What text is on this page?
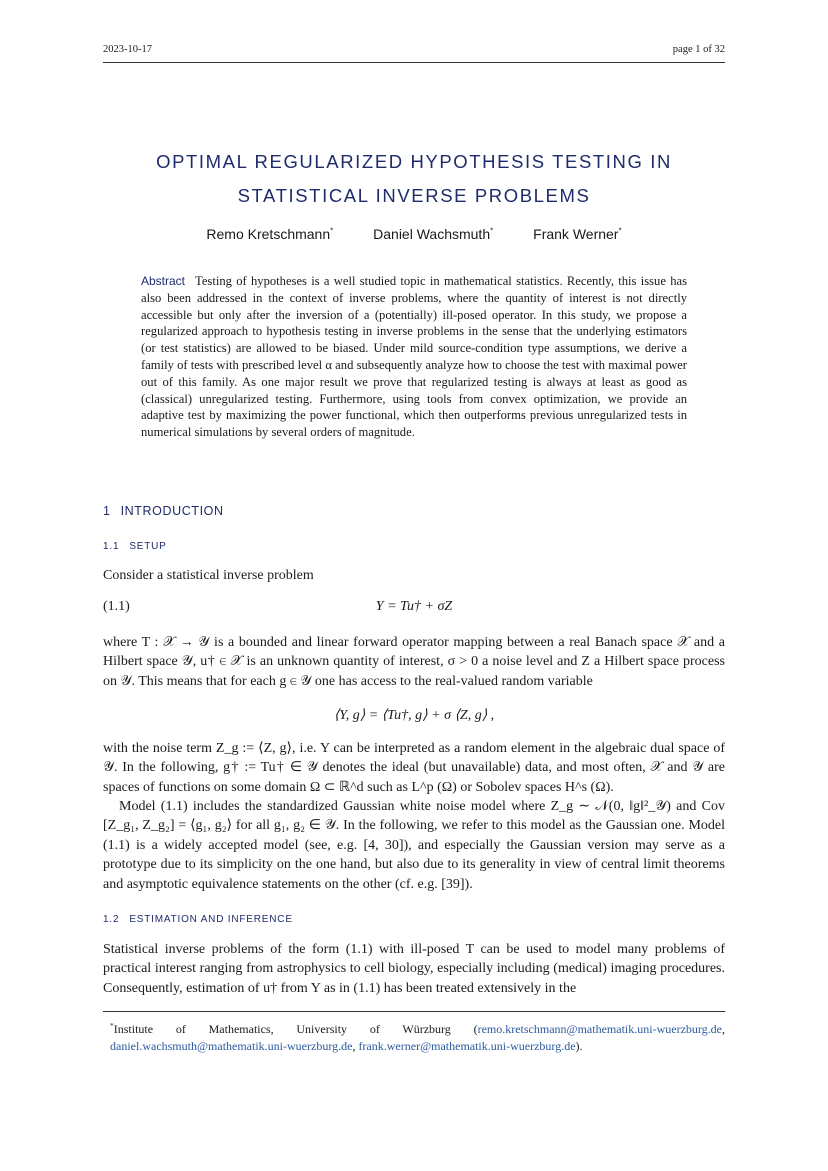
2023-10-17	page 1 of 32
OPTIMAL REGULARIZED HYPOTHESIS TESTING IN
STATISTICAL INVERSE PROBLEMS
Remo Kretschmann*	Daniel Wachsmuth*	Frank Werner*
Abstract Testing of hypotheses is a well studied topic in mathematical statistics. Recently, this issue has also been addressed in the context of inverse problems, where the quantity of interest is not directly accessible but only after the inversion of a (potentially) ill-posed operator. In this study, we propose a regularized approach to hypothesis testing in inverse problems in the sense that the underlying estimators (or test statistics) are allowed to be biased. Under mild source-condition type assumptions, we derive a family of tests with prescribed level α and subsequently analyze how to choose the test with maximal power out of this family. As one major result we prove that regularized testing is always at least as good as (classical) unregularized testing. Furthermore, using tools from convex optimization, we provide an adaptive test by maximizing the power functional, which then outperforms previous unregularized tests in numerical simulations by several orders of magnitude.
1 INTRODUCTION
1.1 SETUP
Consider a statistical inverse problem
(1.1)	Y = Tu† + σZ
where T : 𝒳 → 𝒴 is a bounded and linear forward operator mapping between a real Banach space 𝒳 and a Hilbert space 𝒴, u† ∈ 𝒳 is an unknown quantity of interest, σ > 0 a noise level and Z a Hilbert space process on 𝒴. This means that for each g ∈ 𝒴 one has access to the real-valued random variable
⟨Y, g⟩ = ⟨Tu†, g⟩ + σ ⟨Z, g⟩ ,
with the noise term Z_g := ⟨Z, g⟩, i.e. Y can be interpreted as a random element in the algebraic dual space of 𝒴. In the following, g† := Tu† ∈ 𝒴 denotes the ideal (but unavailable) data, and most often, 𝒳 and 𝒴 are spaces of functions on some domain Ω ⊂ ℝ^d such as L^p (Ω) or Sobolev spaces H^s (Ω).
Model (1.1) includes the standardized Gaussian white noise model where Z_g ∼ 𝒩(0, ‖g‖²_𝒴) and Cov [Z_g₁, Z_g₂] = ⟨g₁, g₂⟩ for all g₁, g₂ ∈ 𝒴. In the following, we refer to this model as the Gaussian one. Model (1.1) is a widely accepted model (see, e.g. [4, 30]), and especially the Gaussian version may serve as a prototype due to its simplicity on the one hand, but also due to its generality in view of central limit theorems and asymptotic equivalence statements on the other (cf. e.g. [39]).
1.2 ESTIMATION AND INFERENCE
Statistical inverse problems of the form (1.1) with ill-posed T can be used to model many problems of practical interest ranging from astrophysics to cell biology, especially including (medical) imaging procedures. Consequently, estimation of u† from Y as in (1.1) has been treated extensively in the
*Institute of Mathematics, University of Würzburg (remo.kretschmann@mathematik.uni-wuerzburg.de, daniel.wachsmuth@mathematik.uni-wuerzburg.de, frank.werner@mathematik.uni-wuerzburg.de).
